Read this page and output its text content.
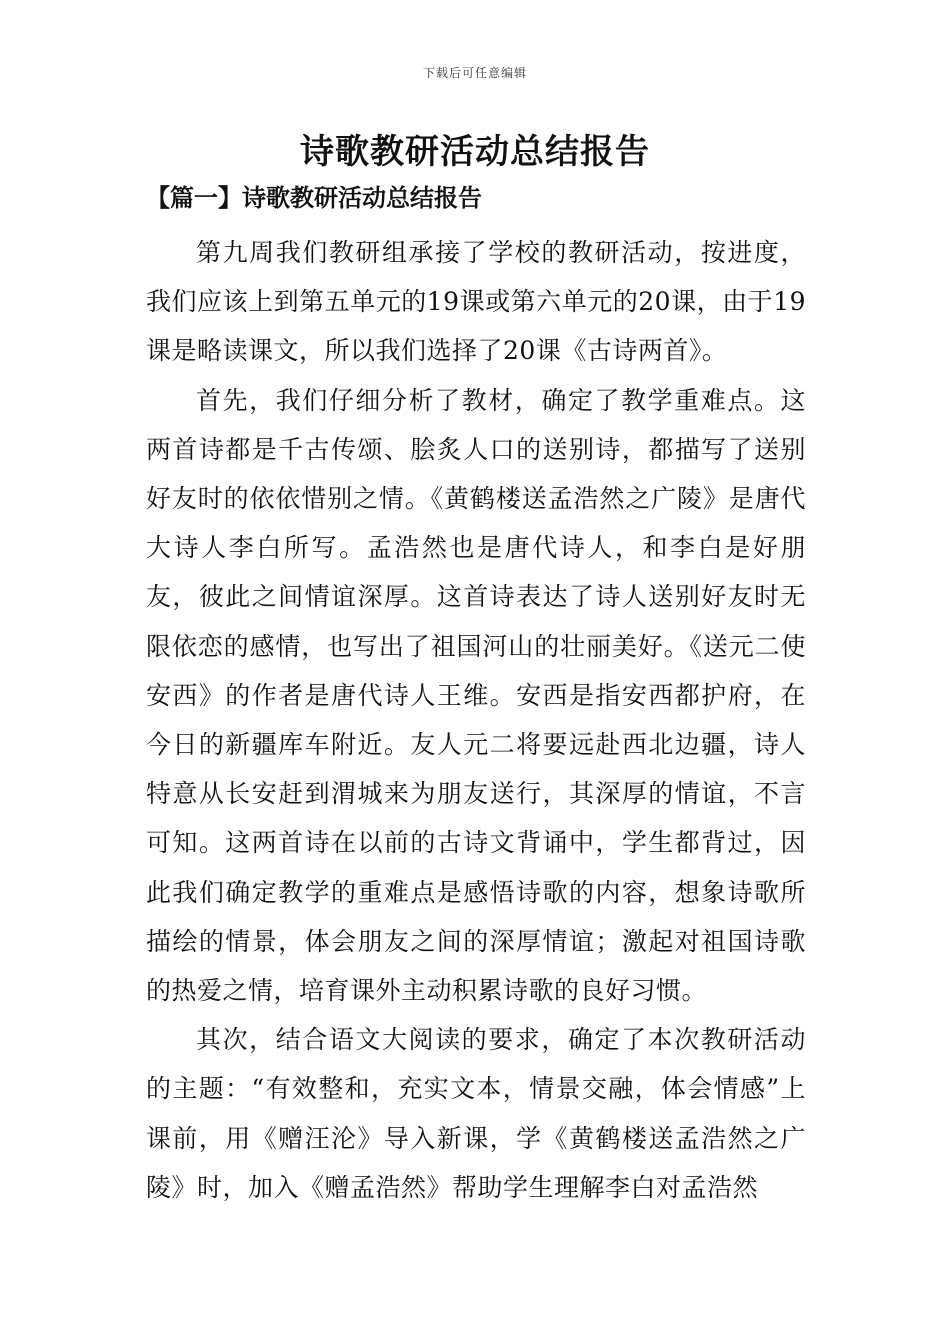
下载后可任意编辑
诗歌教研活动总结报告
【篇一】诗歌教研活动总结报告

第九周我们教研组承接了学校的教研活动，按进度，我们应该上到第五单元的19课或第六单元的20课，由于19课是略读课文，所以我们选择了20课《古诗两首》。

首先，我们仔细分析了教材，确定了教学重难点。这两首诗都是千古传颂、脍炙人口的送别诗，都描写了送别好友时的依依惜别之情。《黄鹤楼送孟浩然之广陵》是唐代大诗人李白所写。孟浩然也是唐代诗人，和李白是好朋友，彼此之间情谊深厚。这首诗表达了诗人送别好友时无限依恋的感情，也写出了祖国河山的壮丽美好。《送元二使安西》的作者是唐代诗人王维。安西是指安西都护府，在今日的新疆库车附近。友人元二将要远赴西北边疆，诗人特意从长安赶到渭城来为朋友送行，其深厚的情谊，不言可知。这两首诗在以前的古诗文背诵中，学生都背过，因此我们确定教学的重难点是感悟诗歌的内容，想象诗歌所描绘的情景，体会朋友之间的深厚情谊；激起对祖国诗歌的热爱之情，培育课外主动积累诗歌的良好习惯。

其次，结合语文大阅读的要求，确定了本次教研活动的主题：“有效整和，充实文本，情景交融，体会情感”上课前，用《赠汪沦》导入新课，学《黄鹤楼送孟浩然之广陵》时，加入《赠孟浩然》帮助学生理解李白对孟浩然
